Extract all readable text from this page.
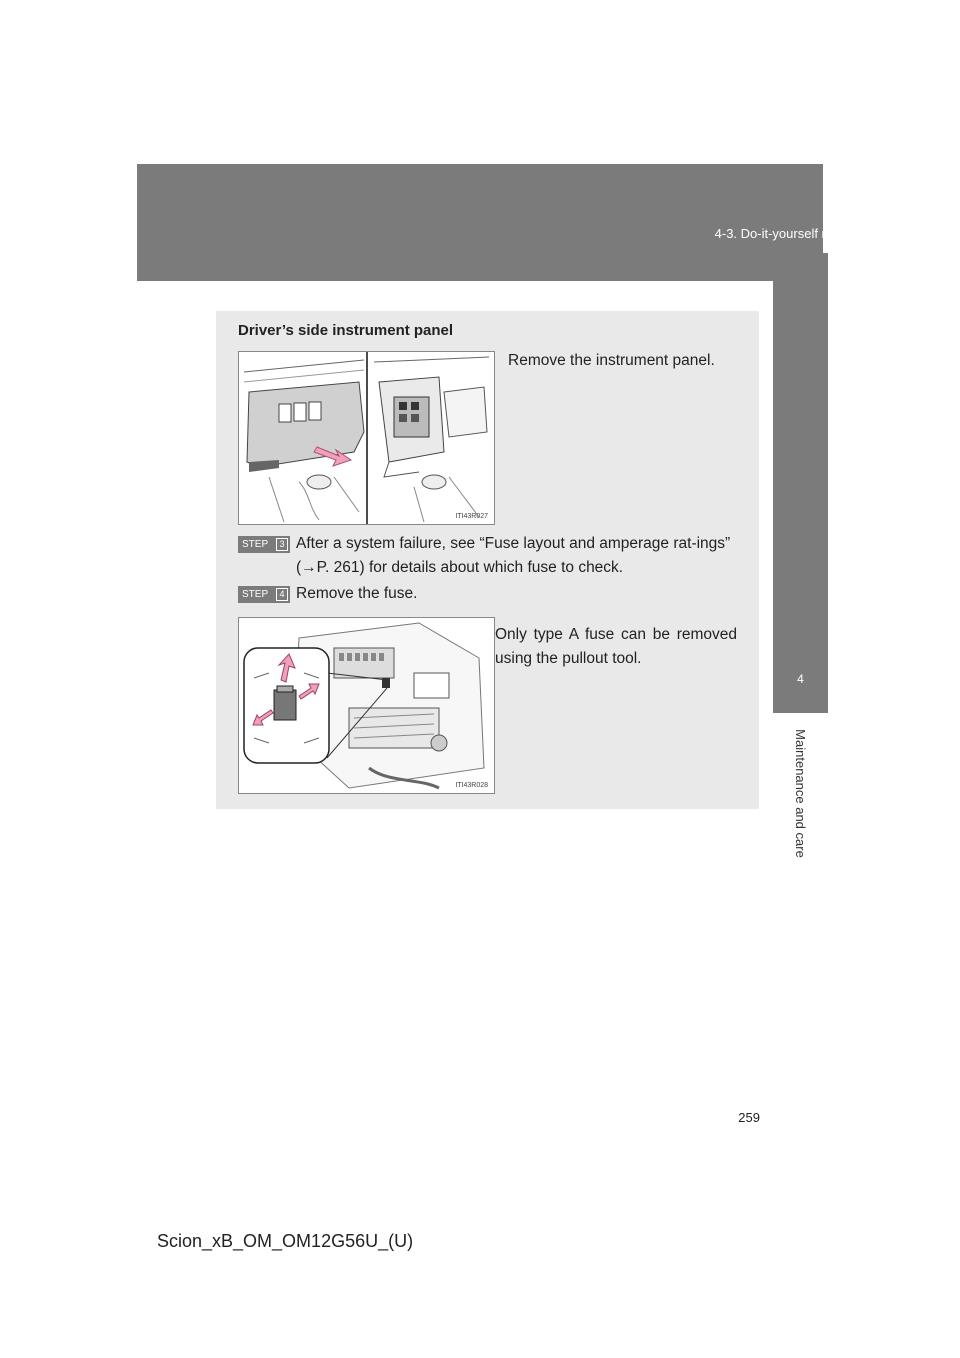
4-3. Do-it-yourself maintenance
4
Maintenance and care
Driver’s side instrument panel
ITI43R027
Remove the instrument panel.
STEP	3 After a system failure, see “Fuse layout and amperage rat-ings” (→P. 261) for details about which fuse to check.
STEP	4 Remove the fuse.
ITI43R028
Only type A fuse can be removed using the pullout tool.
259
Scion_xB_OM_OM12G56U_(U)
